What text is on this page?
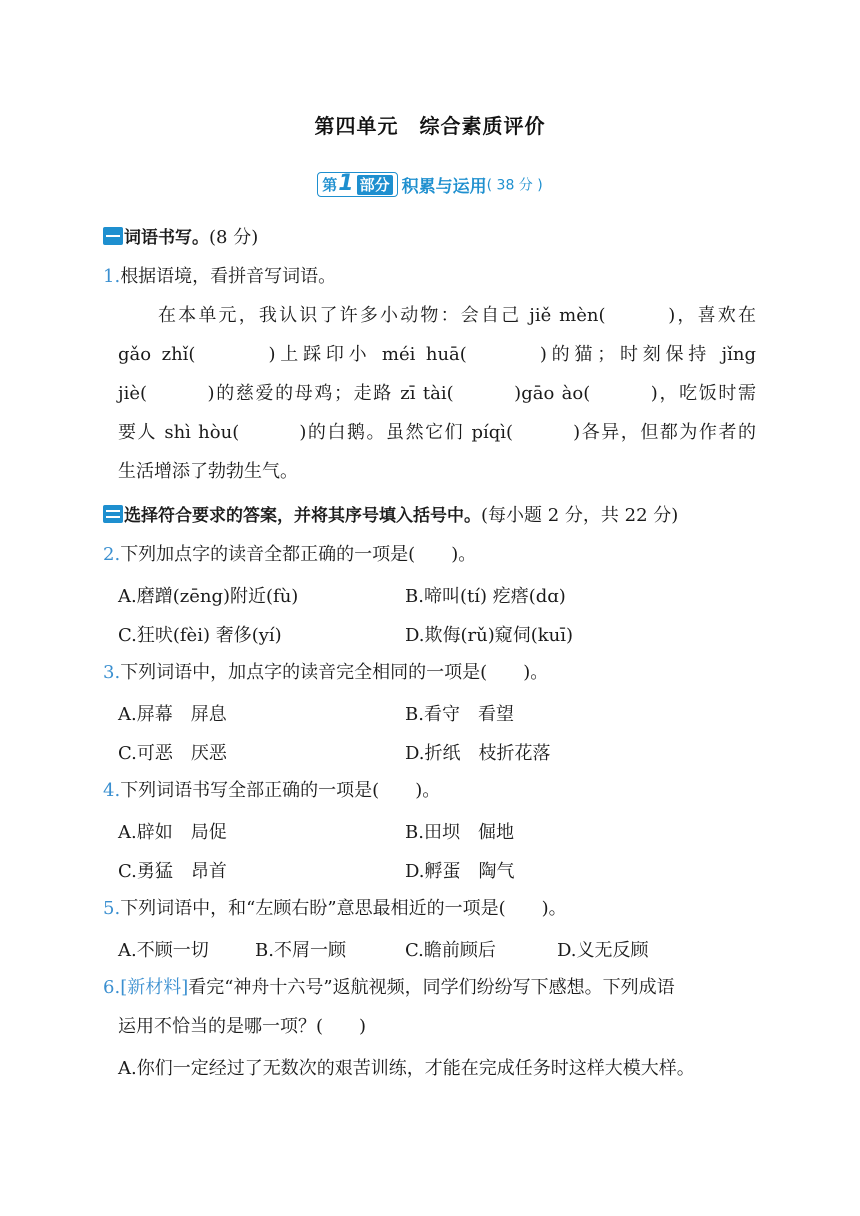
第四单元　综合素质评价
第1 部分 积累与运用( 38 分 )
词语书写。(8 分)
1.根据语境，看拼音写词语。
在本单元，我认识了许多小动物：会自己 jiě mèn(　　　)，喜欢在
gǎo zhǐ(　　　)上踩印小 méi huā(　　　)的猫；时刻保持 jǐng
jiè(　　　)的慈爱的母鸡；走路 zī tài(　　　)gāo ào(　　　)，吃饭时需
要人 shì hòu(　　　)的白鹅。虽然它们 píqì(　　　)各异，但都为作者的
生活增添了勃勃生气。
选择符合要求的答案，并将其序号填入括号中。(每小题 2 分，共 22 分)
2.下列加点字的读音全都正确的一项是(　　)。
A.磨蹭(zēng)附近(fù)	B.啼叫(tí) 疙瘩(dɑ)
C.狂吠(fèi) 奢侈(yí)	D.欺侮(rǔ)窥伺(kuī)
3.下列词语中，加点字的读音完全相同的一项是(　　)。
A.屏幕　屏息	B.看守　看望
C.可恶　厌恶	D.折纸　枝折花落
4.下列词语书写全部正确的一项是(　　)。
A.辟如　局促	B.田坝　倔地
C.勇猛　昂首	D.孵蛋　陶气
5.下列词语中，和“左顾右盼”意思最相近的一项是(　　)。
A.不顾一切	B.不屑一顾	C.瞻前顾后	D.义无反顾
6.[新材料]看完“神舟十六号”返航视频，同学们纷纷写下感想。下列成语
运用不恰当的是哪一项？(　　)
A.你们一定经过了无数次的艰苦训练，才能在完成任务时这样大模大样。
